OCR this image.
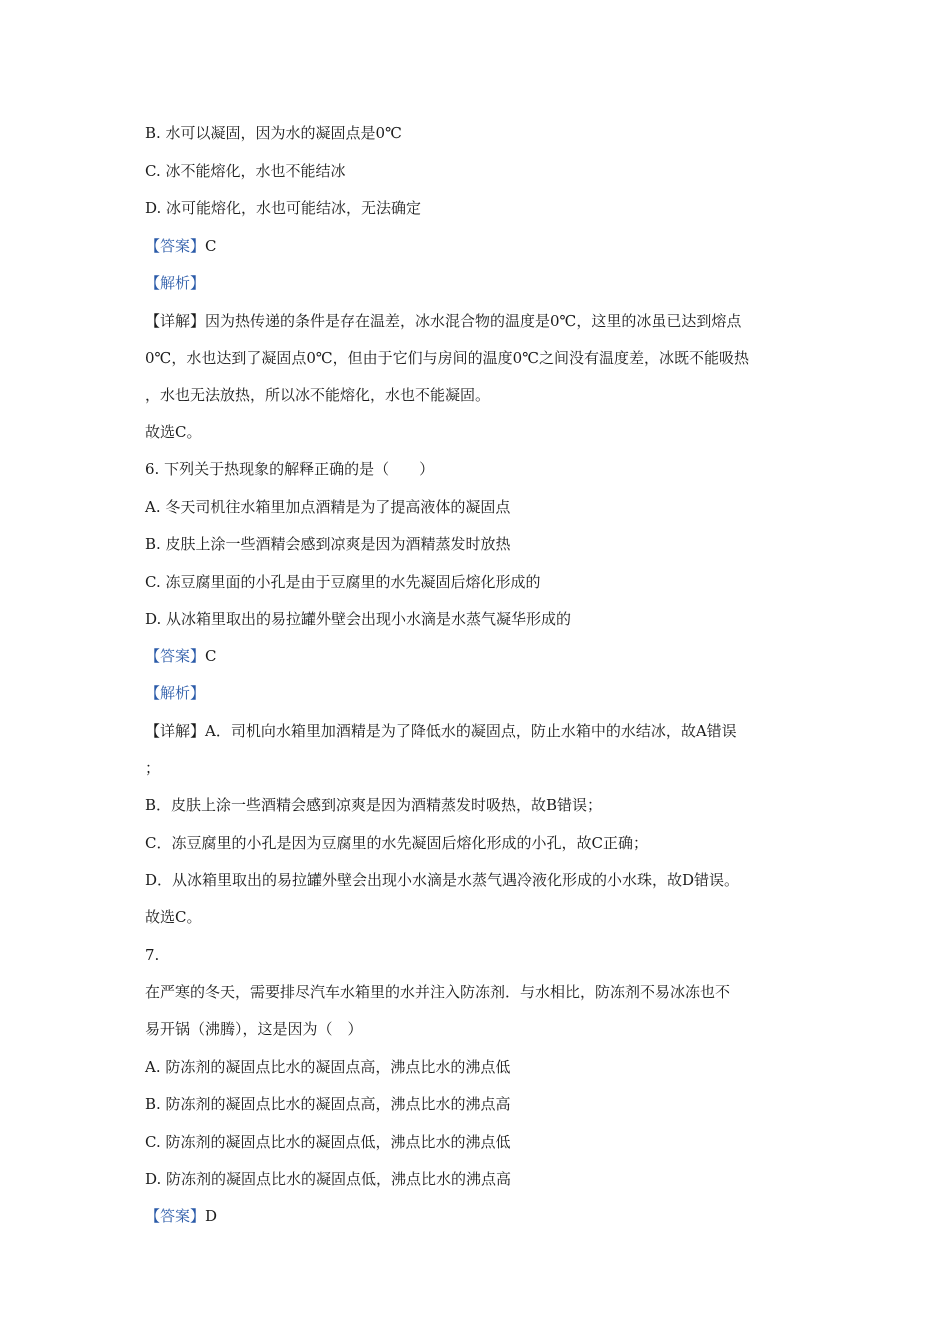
B. 水可以凝固，因为水的凝固点是0℃
C. 冰不能熔化，水也不能结冰
D. 冰可能熔化，水也可能结冰，无法确定
【答案】C
【解析】
【详解】因为热传递的条件是存在温差，冰水混合物的温度是0℃，这里的冰虽已达到熔点
0℃，水也达到了凝固点0℃，但由于它们与房间的温度0℃之间没有温度差，冰既不能吸热
，水也无法放热，所以冰不能熔化，水也不能凝固。
故选C。
6. 下列关于热现象的解释正确的是（　　）
A. 冬天司机往水箱里加点酒精是为了提高液体的凝固点
B. 皮肤上涂一些酒精会感到凉爽是因为酒精蒸发时放热
C. 冻豆腐里面的小孔是由于豆腐里的水先凝固后熔化形成的
D. 从冰箱里取出的易拉罐外壁会出现小水滴是水蒸气凝华形成的
【答案】C
【解析】
【详解】A．司机向水箱里加酒精是为了降低水的凝固点，防止水箱中的水结冰，故A错误
；
B．皮肤上涂一些酒精会感到凉爽是因为酒精蒸发时吸热，故B错误；
C．冻豆腐里的小孔是因为豆腐里的水先凝固后熔化形成的小孔，故C正确；
D．从冰箱里取出的易拉罐外壁会出现小水滴是水蒸气遇冷液化形成的小水珠，故D错误。
故选C。
7.
在严寒的冬天，需要排尽汽车水箱里的水并注入防冻剂．与水相比，防冻剂不易冰冻也不
易开锅（沸腾），这是因为（　）
A. 防冻剂的凝固点比水的凝固点高，沸点比水的沸点低
B. 防冻剂的凝固点比水的凝固点高，沸点比水的沸点高
C. 防冻剂的凝固点比水的凝固点低，沸点比水的沸点低
D. 防冻剂的凝固点比水的凝固点低，沸点比水的沸点高
【答案】D
